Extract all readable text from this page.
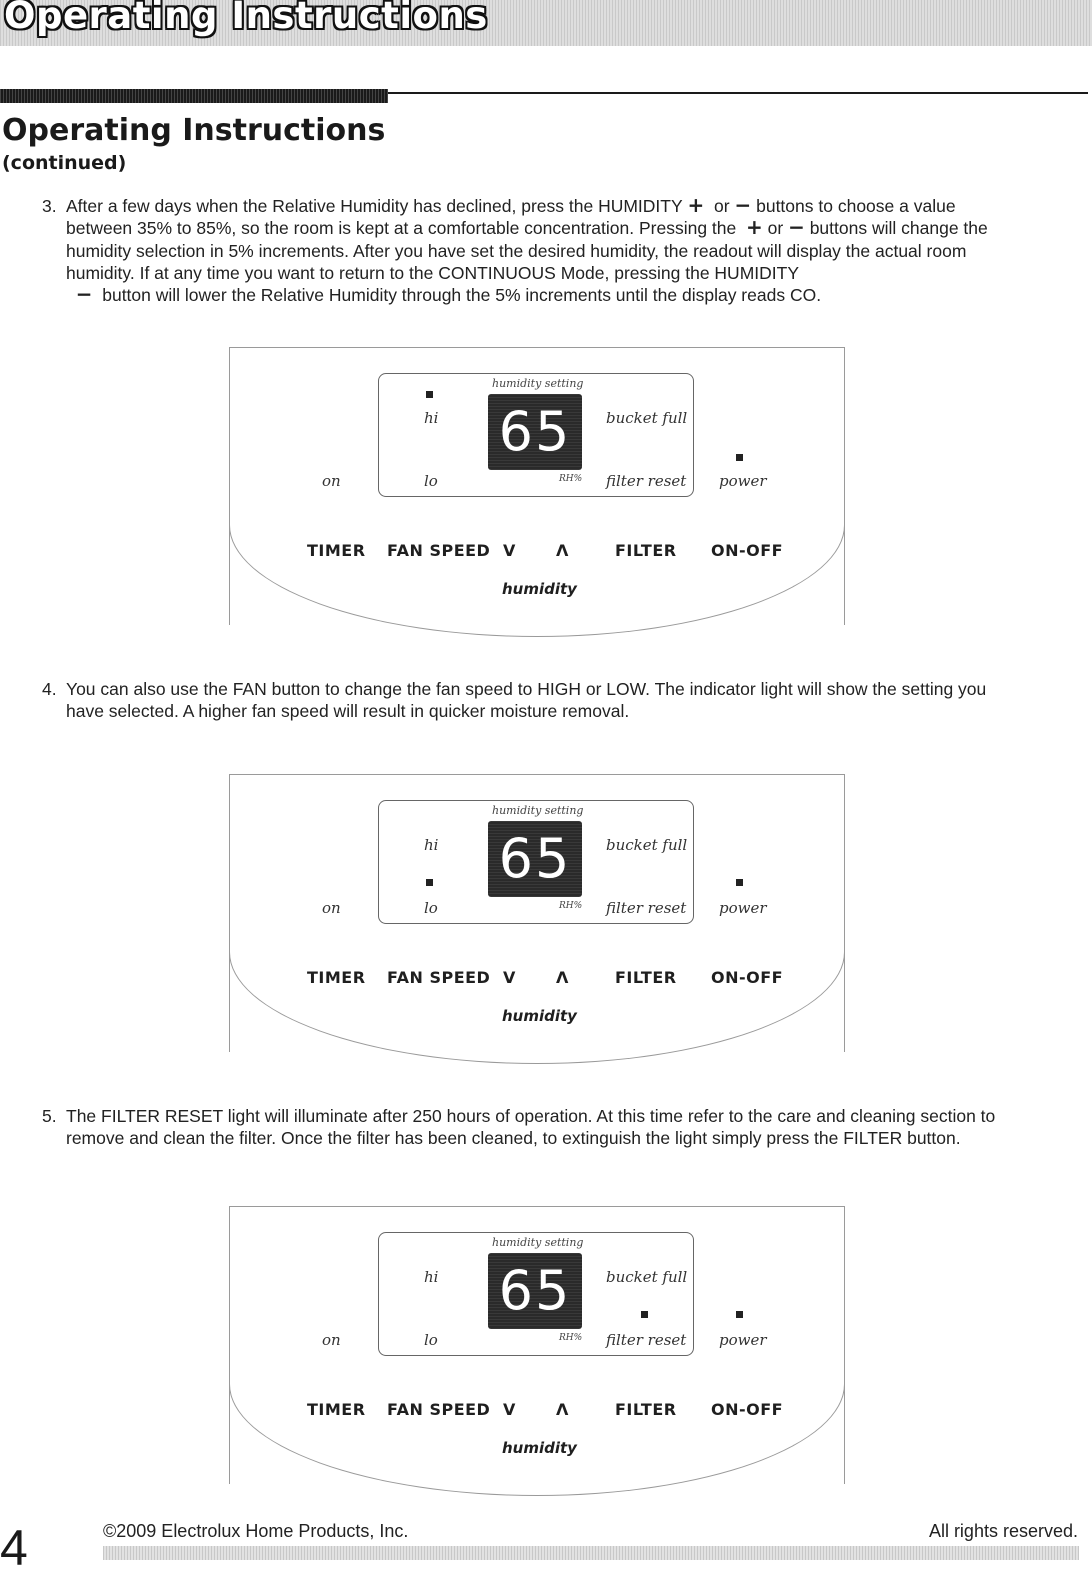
Operating Instructions
Operating Instructions
(continued)
3. After a few days when the Relative Humidity has declined, press the HUMIDITY + or − buttons to choose a value between 35% to 85%, so the room is kept at a comfortable concentration. Pressing the + or − buttons will change the humidity selection in 5% increments. After you have set the desired humidity, the readout will display the actual room humidity. If at any time you want to return to the CONTINUOUS Mode, pressing the HUMIDITY
− button will lower the Relative Humidity through the 5% increments until the display reads CO.
humidity setting
65
RH%
hi
lo
on
bucket full
filter reset power
TIMER FAN SPEED V	Λ	FILTER ON-OFF
humidity
4. You can also use the FAN button to change the fan speed to HIGH or LOW. The indicator light will show the setting you have selected. A higher fan speed will result in quicker moisture removal.
humidity setting
65
RH%
hi
lo
on
bucket full
filter reset power
TIMER FAN SPEED V	Λ	FILTER ON-OFF
humidity
5. The FILTER RESET light will illuminate after 250 hours of operation. At this time refer to the care and cleaning section to remove and clean the filter. Once the filter has been cleaned, to extinguish the light simply press the FILTER button.
humidity setting
65
RH%
hi
lo
on
bucket full
filter reset power
TIMER FAN SPEED V	Λ	FILTER ON-OFF
humidity
4	©2009 Electrolux Home Products, Inc.	All rights reserved.
